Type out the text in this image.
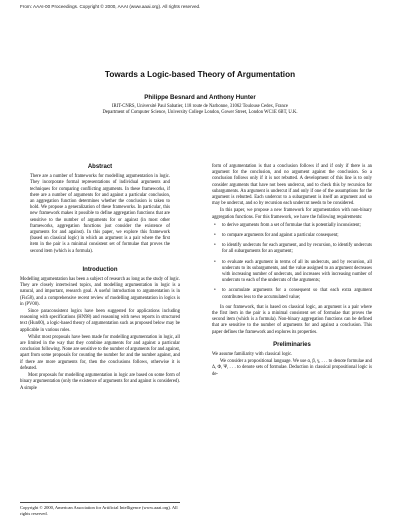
From: AAAI-00 Proceedings. Copyright © 2000, AAAI (www.aaai.org). All rights reserved.
Towards a Logic-based Theory of Argumentation
Philippe Besnard and Anthony Hunter
IRIT-CNRS, Université Paul Sabatier, 118 route de Narbonne, 31062 Toulouse Cedex, France
Department of Computer Science, University College London, Gower Street, London WC1E 6BT, U.K.
Abstract

There are a number of frameworks for modelling argumentation in logic. They incorporate formal representations of individual arguments and techniques for comparing conflicting arguments. In these frameworks, if there are a number of arguments for and against a particular conclusion, an aggregation function determines whether the conclusion is taken to hold. We propose a generalization of these frameworks. In particular, this new framework makes it possible to define aggregation functions that are sensitive to the number of arguments for or against (in most other frameworks, aggregation functions just consider the existence of arguments for and against). In this paper, we explore this framework (based on classical logic) in which an argument is a pair where the first item in the pair is a minimal consistent set of formulae that proves the second item (which is a formula).

Introduction

Modelling argumentation has been a subject of research as long as the study of logic. They are closely intertwined topics, and modelling argumentation in logic is a natural, and important, research goal. A useful introduction to argumentation is in (Fis58), and a comprehensive recent review of modelling argumentation in logics is in (PV00).

Since paraconsistent logics have been suggested for applications including reasoning with specifications (HN98) and reasoning with news reports in structured text (Hun00), a logic-based theory of argumentation such as proposed below may be applicable in various roles.

Whilst most proposals have been made for modelling argumentation in logic, all are limited in the way that they combine arguments for and against a particular conclusion following. None are sensitive to the number of arguments for and against, apart from some proposals for counting the number for and the number against, and if there are more arguments for, then the conclusions follows, otherwise it is defeated.

Most proposals for modelling argumentation in logic are based on some form of binary argumentation (only the existence of arguments for and against is considered). A simple

Copyright © 2000, American Association for Artificial Intelligence (www.aaai.org). All rights reserved.

form of argumentation is that a conclusion follows if and if only if there is an argument for the conclusion, and no argument against the conclusion. So a conclusion follows only if it is not rebutted. A development of this line is to only consider arguments that have not been undercut, and to check this by recursion for subarguments. An argument is undercut if and only if one of the assumptions for the argument is rebutted. Each undercut to a subargument is itself an argument and so may be undercut, and so by recursion each undercut needs to be considered.

In this paper, we propose a new framework for argumentation with non-binary aggregation functions. For this framework, we have the following requirements:

• to derive arguments from a set of formulae that is potentially inconsistent;
• to compare arguments for and against a particular consequent;
• to identify undercuts for each argument, and by recursion, to identify undercuts for all subarguments for an argument;
• to evaluate each argument in terms of all its undercuts, and by recursion, all undercuts to its subarguments, and the value assigned to an argument decreases with increasing number of undercuts, and increases with increasing number of undercuts to each of the undercuts of the arguments;
• to accumulate arguments for a consequent so that each extra argument contributes less to the accumulated value;

In our framework, that is based on classical logic, an argument is a pair where the first item in the pair is a minimal consistent set of formulae that proves the second item (which is a formula). Non-binary aggregation functions can be defined that are sensitive to the number of arguments for and against a conclusion. This paper defines the framework and explores its properties.

Preliminaries

We assume familiarity with classical logic.

We consider a propositional language. We use α, β, γ, . . . to denote formulae and Δ, Φ, Ψ, . . . to denote sets of formulae. Deduction in classical propositional logic is de-
